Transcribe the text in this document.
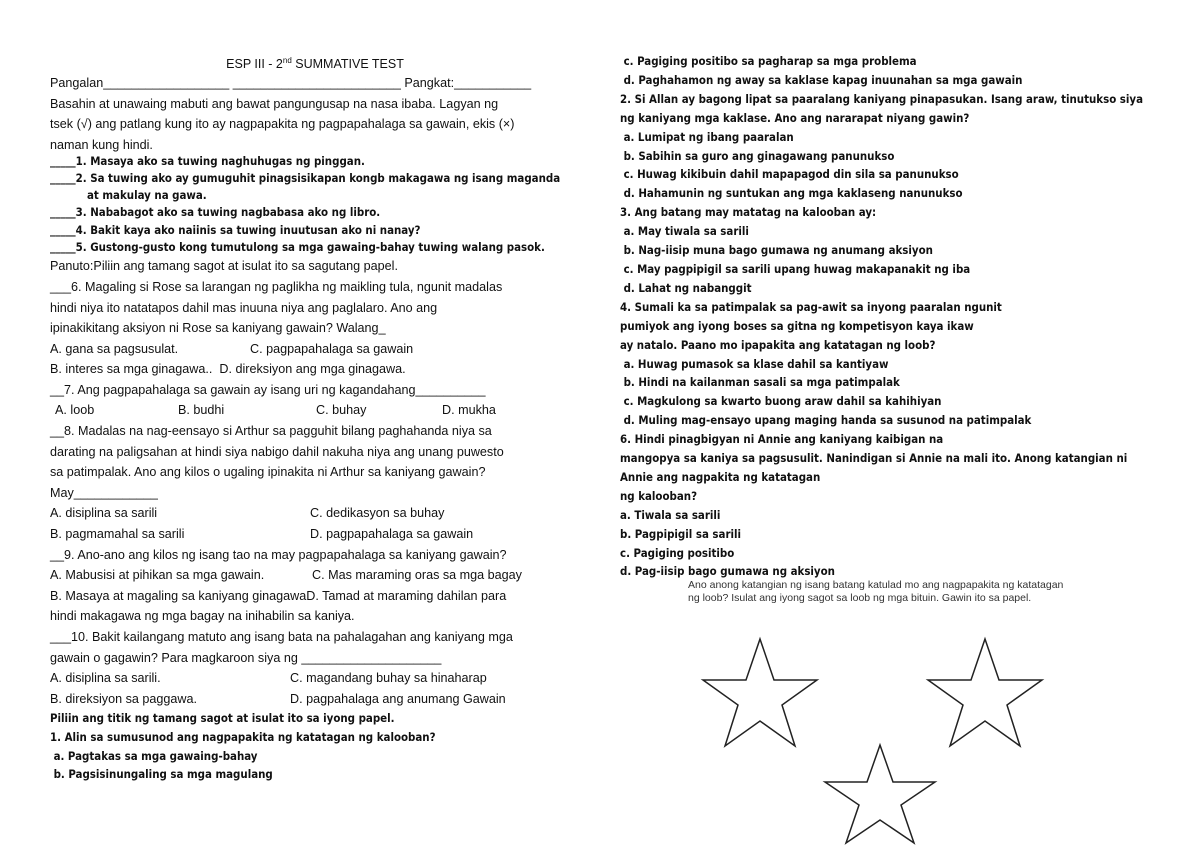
ESP III - 2nd SUMMATIVE TEST
Pangalan__________________ ________________________ Pangkat:___________
Basahin at unawaing mabuti ang bawat pangungusap na nasa ibaba. Lagyan ng
tsek (√) ang patlang kung ito ay nagpapakita ng pagpapahalaga sa gawain, ekis (×)
naman kung hindi.
_____1. Masaya ako sa tuwing naghuhugas ng pinggan.
_____2. Sa tuwing ako ay gumuguhit pinagsisikapan kongb makagawa ng isang maganda
at makulay na gawa.
_____3. Nababagot ako sa tuwing nagbabasa ako ng libro.
_____4. Bakit kaya ako naiinis sa tuwing inuutusan ako ni nanay?
_____5. Gustong-gusto kong tumutulong sa mga gawaing-bahay tuwing walang pasok.
Panuto:Piliin ang tamang sagot at isulat ito sa sagutang papel.
___6. Magaling si Rose sa larangan ng paglikha ng maikling tula, ngunit madalas
hindi niya ito natatapos dahil mas inuuna niya ang paglalaro. Ano ang
ipinakikitang aksiyon ni Rose sa kaniyang gawain? Walang_
A. gana sa pagsusulat.	C. pagpapahalaga sa gawain
B. interes sa mga ginagawa..  D. direksiyon ang mga ginagawa.
__7. Ang pagpapahalaga sa gawain ay isang uri ng kagandahang__________
A. loob	B. budhi	C. buhay	D. mukha
__8. Madalas na nag-eensayo si Arthur sa pagguhit bilang paghahanda niya sa
darating na paligsahan at hindi siya nabigo dahil nakuha niya ang unang puwesto
sa patimpalak. Ano ang kilos o ugaling ipinakita ni Arthur sa kaniyang gawain?
May____________
A. disiplina sa sarili	C. dedikasyon sa buhay
B. pagmamahal sa sarili	D. pagpapahalaga sa gawain
__9. Ano-ano ang kilos ng isang tao na may pagpapahalaga sa kaniyang gawain?
A. Mabusisi at pihikan sa mga gawain.	C. Mas maraming oras sa mga bagay
B. Masaya at magaling sa kaniyang ginagawaD. Tamad at maraming dahilan para
hindi makagawa ng mga bagay na inihabilin sa kaniya.
___10. Bakit kailangang matuto ang isang bata na pahalagahan ang kaniyang mga
gawain o gagawin? Para magkaroon siya ng ____________________
A. disiplina sa sarili.	C. magandang buhay sa hinaharap
B. direksiyon sa paggawa.	D. pagpahalaga ang anumang Gawain
Piliin ang titik ng tamang sagot at isulat ito sa iyong papel.
1. Alin sa sumusunod ang nagpapakita ng katatagan ng kalooban?
a. Pagtakas sa mga gawaing-bahay
b. Pagsisinungaling sa mga magulang
c. Pagiging positibo sa pagharap sa mga problema
d. Paghahamon ng away sa kaklase kapag inuunahan sa mga gawain
2. Si Allan ay bagong lipat sa paaralang kaniyang pinapasukan. Isang araw, tinutukso siya
ng kaniyang mga kaklase. Ano ang nararapat niyang gawin?
a. Lumipat ng ibang paaralan
b. Sabihin sa guro ang ginagawang panunukso
c. Huwag kikibuin dahil mapapagod din sila sa panunukso
d. Hahamunin ng suntukan ang mga kaklaseng nanunukso
3. Ang batang may matatag na kalooban ay:
a. May tiwala sa sarili
b. Nag-iisip muna bago gumawa ng anumang aksiyon
c. May pagpipigil sa sarili upang huwag makapanakit ng iba
d. Lahat ng nabanggit
4. Sumali ka sa patimpalak sa pag-awit sa inyong paaralan ngunit
pumiyok ang iyong boses sa gitna ng kompetisyon kaya ikaw
ay natalo. Paano mo ipapakita ang katatagan ng loob?
a. Huwag pumasok sa klase dahil sa kantiyaw
b. Hindi na kailanman sasali sa mga patimpalak
c. Magkulong sa kwarto buong araw dahil sa kahihiyan
d. Muling mag-ensayo upang maging handa sa susunod na patimpalak
6. Hindi pinagbigyan ni Annie ang kaniyang kaibigan na
mangopya sa kaniya sa pagsusulit. Nanindigan si Annie na mali ito. Anong katangian ni
Annie ang nagpakita ng katatagan
ng kalooban?
a. Tiwala sa sarili
b. Pagpipigil sa sarili
c. Pagiging positibo
d. Pag-iisip bago gumawa ng aksiyon
Ano anong katangian ng isang batang katulad mo ang nagpapakita ng katatagan ng loob? Isulat ang iyong sagot sa loob ng mga bituin. Gawin ito sa papel.
